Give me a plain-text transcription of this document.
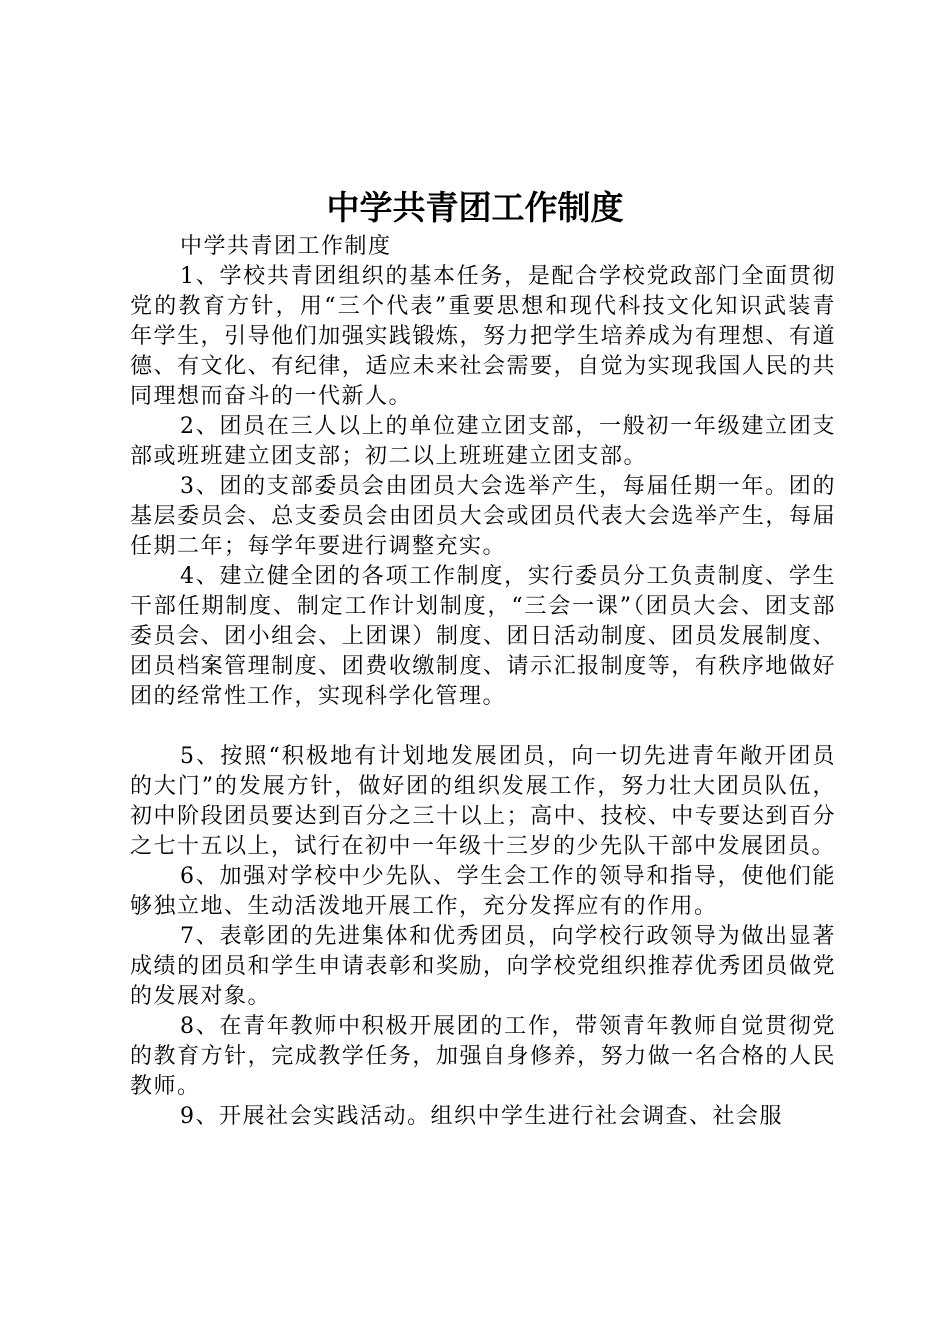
中学共青团工作制度

中学共青团工作制度

1、学校共青团组织的基本任务，是配合学校党政部门全面贯彻党的教育方针，用“三个代表”重要思想和现代科技文化知识武装青年学生，引导他们加强实践锻炼，努力把学生培养成为有理想、有道德、有文化、有纪律，适应未来社会需要，自觉为实现我国人民的共同理想而奋斗的一代新人。

2、团员在三人以上的单位建立团支部，一般初一年级建立团支部或班班建立团支部；初二以上班班建立团支部。

3、团的支部委员会由团员大会选举产生，每届任期一年。团的基层委员会、总支委员会由团员大会或团员代表大会选举产生，每届任期二年；每学年要进行调整充实。

4、建立健全团的各项工作制度，实行委员分工负责制度、学生干部任期制度、制定工作计划制度，“三会一课”（团员大会、团支部委员会、团小组会、上团课）制度、团日活动制度、团员发展制度、团员档案管理制度、团费收缴制度、请示汇报制度等，有秩序地做好团的经常性工作，实现科学化管理。

5、按照“积极地有计划地发展团员，向一切先进青年敞开团员的大门”的发展方针，做好团的组织发展工作，努力壮大团员队伍，初中阶段团员要达到百分之三十以上；高中、技校、中专要达到百分之七十五以上，试行在初中一年级十三岁的少先队干部中发展团员。

6、加强对学校中少先队、学生会工作的领导和指导，使他们能够独立地、生动活泼地开展工作，充分发挥应有的作用。

7、表彰团的先进集体和优秀团员，向学校行政领导为做出显著成绩的团员和学生申请表彰和奖励，向学校党组织推荐优秀团员做党的发展对象。

8、在青年教师中积极开展团的工作，带领青年教师自觉贯彻党的教育方针，完成教学任务，加强自身修养，努力做一名合格的人民教师。

9、开展社会实践活动。组织中学生进行社会调查、社会服
